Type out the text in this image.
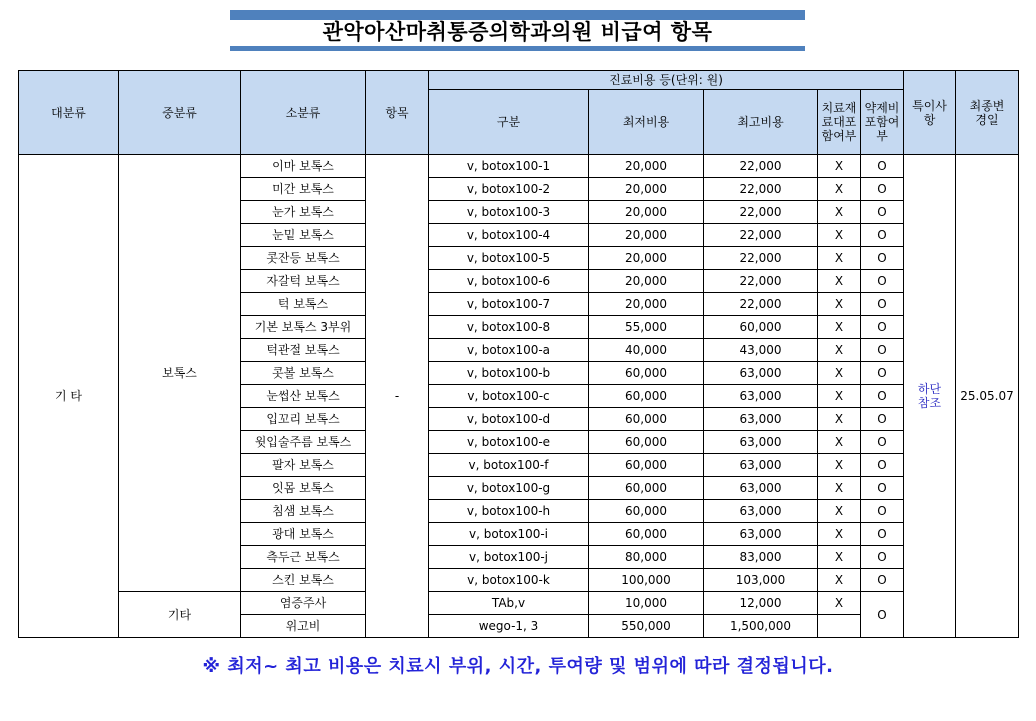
관악아산마취통증의학과의원 비급여 항목
대분류	중분류	소분류	항목	진료비용 등(단위: 원)					특이사항	최종변경일
				구분	최저비용	최고비용	치료재료대포함여부	약제비포함여부		
기 타	보톡스	이마 보톡스	-	v, botox100-1	20,000	22,000	X	O	하단참조	25.05.07
		미간 보톡스		v, botox100-2	20,000	22,000	X	O		
		눈가 보톡스		v, botox100-3	20,000	22,000	X	O		
		눈밑 보톡스		v, botox100-4	20,000	22,000	X	O		
		콧잔등 보톡스		v, botox100-5	20,000	22,000	X	O		
		자갈턱 보톡스		v, botox100-6	20,000	22,000	X	O		
		턱 보톡스		v, botox100-7	20,000	22,000	X	O		
		기본 보톡스 3부위		v, botox100-8	55,000	60,000	X	O		
		턱관절 보톡스		v, botox100-a	40,000	43,000	X	O		
		콧볼 보톡스		v, botox100-b	60,000	63,000	X	O		
		눈썹산 보톡스		v, botox100-c	60,000	63,000	X	O		
		입꼬리 보톡스		v, botox100-d	60,000	63,000	X	O		
		윗입술주름 보톡스		v, botox100-e	60,000	63,000	X	O		
		팔자 보톡스		v, botox100-f	60,000	63,000	X	O		
		잇몸 보톡스		v, botox100-g	60,000	63,000	X	O		
		침샘 보톡스		v, botox100-h	60,000	63,000	X	O		
		광대 보톡스		v, botox100-i	60,000	63,000	X	O		
		측두근 보톡스		v, botox100-j	80,000	83,000	X	O		
		스킨 보톡스		v, botox100-k	100,000	103,000	X	O		
	기타	염증주사		TAb,v	10,000	12,000	X	O		
		위고비		wego-1, 3	550,000	1,500,000				
※ 최저~ 최고 비용은 치료시 부위, 시간, 투여량 및 범위에 따라 결정됩니다.
